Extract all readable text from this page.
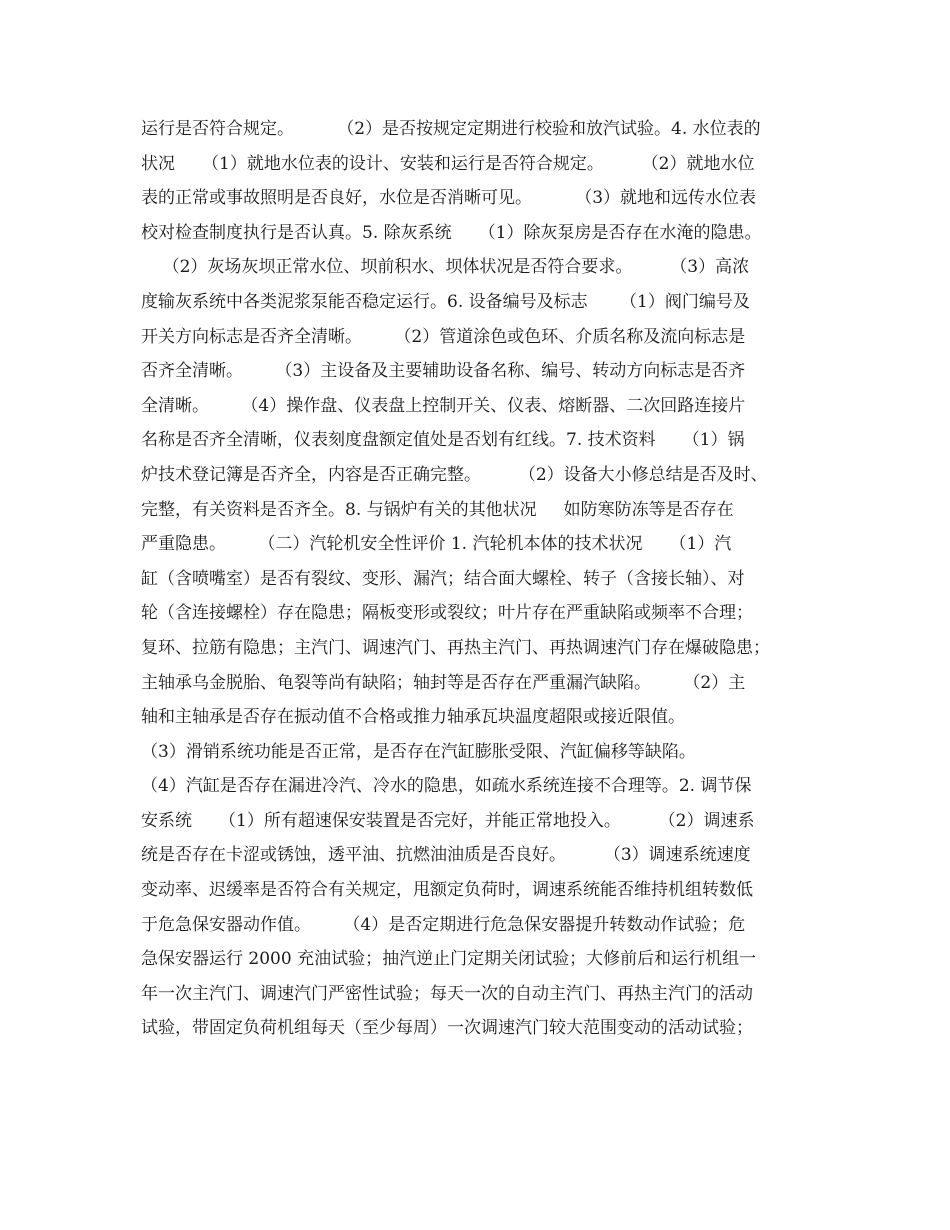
运行是否符合规定。        （2）是否按规定定期进行校验和放汽试验。4. 水位表的
状况     （1）就地水位表的设计、安装和运行是否符合规定。       （2）就地水位
表的正常或事故照明是否良好，水位是否消晰可见。        （3）就地和远传水位表
校对检查制度执行是否认真。5. 除灰系统     （1）除灰泵房是否存在水淹的隐患。
（2）灰场灰坝正常水位、坝前积水、坝体状况是否符合要求。       （3）高浓
度输灰系统中各类泥浆泵能否稳定运行。6. 设备编号及标志      （1）阀门编号及
开关方向标志是否齐全清晰。      （2）管道涂色或色环、介质名称及流向标志是
否齐全清晰。      （3）主设备及主要辅助设备名称、编号、转动方向标志是否齐
全清晰。      （4）操作盘、仪表盘上控制开关、仪表、熔断器、二次回路连接片
名称是否齐全清晰，仪表刻度盘额定值处是否划有红线。7. 技术资料     （1）锅
炉技术登记簿是否齐全，内容是否正确完整。       （2）设备大小修总结是否及时、
完整，有关资料是否齐全。8. 与锅炉有关的其他状况     如防寒防冻等是否存在
严重隐患。      （二）汽轮机安全性评价 1. 汽轮机本体的技术状况     （1）汽
缸（含喷嘴室）是否有裂纹、变形、漏汽；结合面大螺栓、转子（含接长轴）、对
轮（含连接螺栓）存在隐患；隔板变形或裂纹；叶片存在严重缺陷或频率不合理；
复环、拉筋有隐患；主汽门、调速汽门、再热主汽门、再热调速汽门存在爆破隐患；
主轴承乌金脱胎、龟裂等尚有缺陷；轴封等是否存在严重漏汽缺陷。      （2）主
轴和主轴承是否存在振动值不合格或推力轴承瓦块温度超限或接近限值。
（3）滑销系统功能是否正常，是否存在汽缸膨胀受限、汽缸偏移等缺陷。
（4）汽缸是否存在漏进冷汽、冷水的隐患，如疏水系统连接不合理等。2. 调节保
安系统     （1）所有超速保安装置是否完好，并能正常地投入。       （2）调速系
统是否存在卡涩或锈蚀，透平油、抗燃油油质是否良好。       （3）调速系统速度
变动率、迟缓率是否符合有关规定，甩额定负荷时，调速系统能否维持机组转数低
于危急保安器动作值。      （4）是否定期进行危急保安器提升转数动作试验；危
急保安器运行 2000 充油试验；抽汽逆止门定期关闭试验；大修前后和运行机组一
年一次主汽门、调速汽门严密性试验；每天一次的自动主汽门、再热主汽门的活动
试验，带固定负荷机组每天（至少每周）一次调速汽门较大范围变动的活动试验；
